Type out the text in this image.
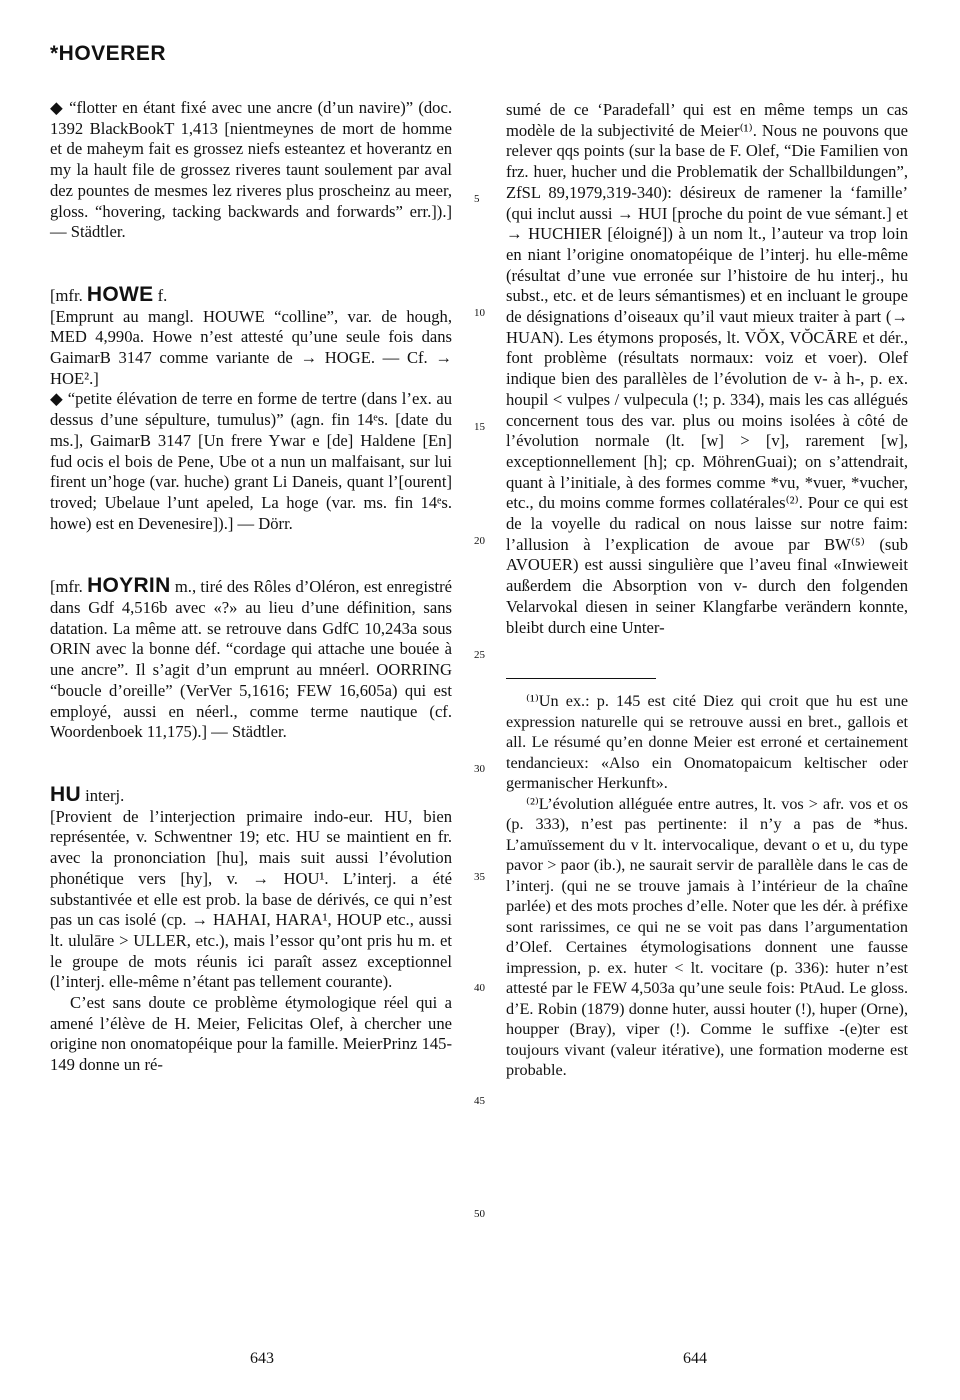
*HOVERER

◆ “flotter en étant fixé avec une ancre (d’un navire)” (doc. 1392 BlackBookT 1,413 [nientmeynes de mort de homme et de maheym fait es grossez niefs esteantez et hoverantz en my la hault file de grossez riveres taunt soulement par aval dez pountes de mesmes lez riveres plus proscheinz au meer, gloss. “hovering, tacking backwards and forwards” err.]).] — Städtler.

[mfr. HOWE f.

[Emprunt au mangl. HOUWE “colline”, var. de hough, MED 4,990a. Howe n’est attesté qu’une seule fois dans GaimarB 3147 comme variante de → HOGE. — Cf. → HOE².]

◆ “petite élévation de terre en forme de tertre (dans l’ex. au dessus d’une sépulture, tumulus)” (agn. fin 14ᵉs. [date du ms.], GaimarB 3147 [Un frere Ywar e [de] Haldene [En] fud ocis el bois de Pene, Ube ot a nun un malfaisant, sur lui firent un’hoge (var. huche) grant Li Daneis, quant l’[ourent] troved; Ubelaue l’unt apeled, La hoge (var. ms. fin 14ᵉs. howe) est en Devenesire]).] — Dörr.

[mfr. HOYRIN m., tiré des Rôles d’Oléron, est enregistré dans Gdf 4,516b avec «?» au lieu d’une définition, sans datation. La même att. se retrouve dans GdfC 10,243a sous ORIN avec la bonne déf. “cordage qui attache une bouée à une ancre”. Il s’agit d’un emprunt au mnéerl. OORRING “boucle d’oreille” (VerVer 5,1616; FEW 16,605a) qui est employé, aussi en néerl., comme terme nautique (cf. Woordenboek 11,175).] — Städtler.

HU interj.

[Provient de l’interjection primaire indo-eur. HU, bien représentée, v. Schwentner 19; etc. HU se maintient en fr. avec la prononciation [hu], mais suit aussi l’évolution phonétique vers [hy], v. → HOU¹. L’interj. a été substantivée et elle est prob. la base de dérivés, ce qui n’est pas un cas isolé (cp. → HAHAI, HARA¹, HOUP etc., aussi lt. ululāre > ULLER, etc.), mais l’essor qu’ont pris hu m. et le groupe de mots réunis ici paraît assez exceptionnel (l’interj. elle-même n’étant pas tellement courante).

C’est sans doute ce problème étymologique réel qui a amené l’élève de H. Meier, Felicitas Olef, à chercher une origine non onomatopéique pour la famille. MeierPrinz 145-149 donne un ré-

sumé de ce ‘Paradefall’ qui est en même temps un cas modèle de la subjectivité de Meier⁽¹⁾. Nous ne pouvons que relever qqs points (sur la base de F. Olef, “Die Familien von frz. huer, hucher und die Problematik der Schallbildungen”, ZfSL 89,1979,319-340): désireux de ramener la ‘famille’ (qui inclut aussi → HUI [proche du point de vue sémant.] et → HUCHIER [éloigné]) à un nom lt., l’auteur va trop loin en niant l’origine onomatopéique de l’interj. hu elle-même (résultat d’une vue erronée sur l’histoire de hu interj., hu subst., etc. et de leurs sémantismes) et en incluant le groupe de désignations d’oiseaux qu’il vaut mieux traiter à part (→ HUAN). Les étymons proposés, lt. VŎX, VŎCĀRE et dér., font problème (résultats normaux: voiz et voer). Olef indique bien des parallèles de l’évolution de v- à h-, p. ex. houpil < vulpes / vulpecula (!; p. 334), mais les cas allégués concernent tous des var. plus ou moins isolées à côté de l’évolution normale (lt. [w] > [v], rarement [w], exceptionnellement [h]; cp. MöhrenGuai); on s’attendrait, quant à l’initiale, à des formes comme *vu, *vuer, *vucher, etc., du moins comme formes collatérales⁽²⁾. Pour ce qui est de la voyelle du radical on nous laisse sur notre faim: l’allusion à l’explication de avoue par BW⁽⁵⁾ (sub AVOUER) est aussi singulière que l’aveu final «Inwieweit außerdem die Absorption von v- durch den folgenden Velarvokal diesen in seiner Klangfarbe verändern konnte, bleibt durch eine Unter-

⁽¹⁾Un ex.: p. 145 est cité Diez qui croit que hu est une expression naturelle qui se retrouve aussi en bret., gallois et all. Le résumé qu’en donne Meier est erroné et certainement tendancieux: «Also ein Onomatopaicum keltischer oder germanischer Herkunft».

⁽²⁾L’évolution alléguée entre autres, lt. vos > afr. vos et os (p. 333), n’est pas pertinente: il n’y a pas de *hus. L’amuïssement du v lt. intervocalique, devant o et u, du type pavor > paor (ib.), ne saurait servir de parallèle dans le cas de l’interj. (qui ne se trouve jamais à l’intérieur de la chaîne parlée) et des mots proches d’elle. Noter que les dér. à préfixe sont rarissimes, ce qui ne se voit pas dans l’argumentation d’Olef. Certaines étymologisations donnent une fausse impression, p. ex. huter < lt. vocitare (p. 336): huter n’est attesté par le FEW 4,503a qu’une seule fois: PtAud. Le gloss. d’E. Robin (1879) donne huter, aussi houter (!), huper (Orne), houpper (Bray), viper (!). Comme le suffixe -(e)ter est toujours vivant (valeur itérative), une formation moderne est probable.

5
10
15
20
25
30
35
40
45
50
643	644
